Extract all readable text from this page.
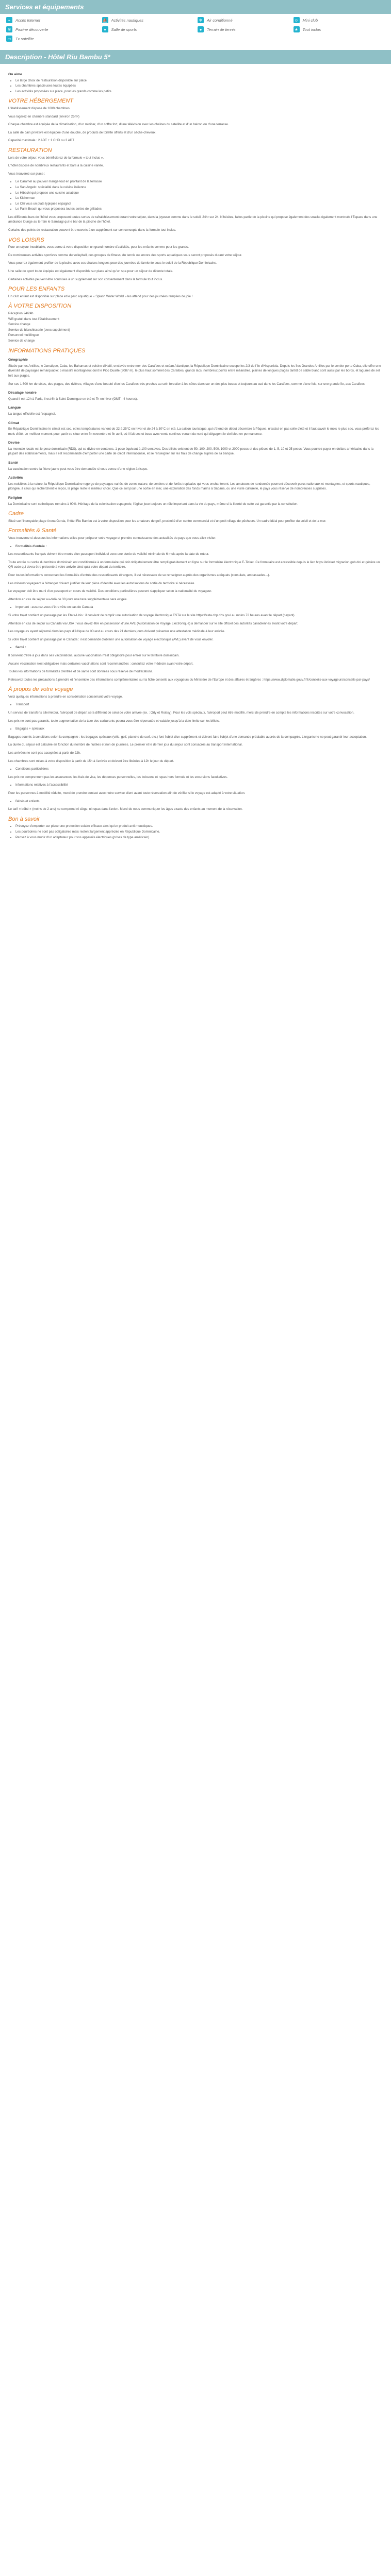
Services et équipements
⌁	Accès Internet	⛵ Activités nautiques	❄	Air conditionné	☺ Mini club
≋	Piscine découverte	♦	Salle de sports	●	Terrain de tennis	★	Tout inclus
▭ Tv satellite
Description - Hôtel Riu Bambu 5*
On aime
• Le large choix de restauration disponible sur place
• Les chambres spacieuses toutes équipées
• Les activités proposées sur place, pour les grands comme les petits
VOTRE HÉBERGEMENT

L'établissement dispose de 1000 chambres.

Vous logerez en chambre standard (environ 25m²)

Chaque chambre est équipée de la climatisation, d'un minibar, d'un coffre fort, d'une télévision avec les chaînes du satellite et d'un balcon ou d'une terrasse.

La salle de bain privative est équipée d'une douche, de produits de toilette offerts et d'un sèche-cheveux.

Capacité maximale : 2 ADT + 1 CHD ou 3 ADT

RESTAURATION

Lors de votre séjour, vous bénéficierez de la formule « tout inclus ».

L'hôtel dispose de nombreux restaurants et bars à la cuisine variée.

Vous trouverez sur place :

• Le Caramel au pouvoir mange-tout en profitant de la terrasse
• Le San Angelo: spécialité dans la cuisine italienne
• Le Hibachi qui propose une cuisine asiatique
• Le Kishorman
• Le Chi vous un plats typiques espagnol
• Le Palm Beach qui vous proposera toutes sortes de grillades

Les différents bars de l'hôtel vous proposent toutes sortes de rafraichissement durant votre séjour, dans la joyeuse comme dans le soleil, 24hr sur 24. N'hésitez, faites partie de la piscine qui propose également des snacks également montrués l'Espace dans une ambiance lounge au terrain le Samzagi qui le bar de la piscine de l'hôtel.

Certains des points de restauration peuvent être ouverts à un supplément sur son concepts dans la formule tout inclus.

VOS LOISIRS

Pour un séjour inoubliable, vous aurez à votre disposition un grand nombre d'activités, pour les enfants comme pour les grands.

De nombreuses activités sportives comme du volleyball, des groupes de fitness, du tennis ou encore des sports aquatiques vous seront proposés durant votre séjour.

Vous pourrez également profiter de la piscine avec ses chaises longues pour des journées de farniente sous le soleil de la République Dominicaine.

Une salle de sport toute équipée est également disponible sur place ainsi qu'un spa pour un séjour de détente totale.

Certaines activités peuvent être soumises à un supplément sur son consentement dans la formule tout inclus.

POUR LES ENFANTS

Un club enfant est disponible sur place et le parc aquatique « Splash Water World » les attend pour des journées remplies de joie !

À VOTRE DISPOSITION
Réception 24/24h
Wifi gratuit dans tout l'établissement
Service change
Service de blanchisserie (avec supplément)
Personnel multilingue
Service de change
INFORMATIONS PRATIQUES
Géographie

Située par les Antilles, le Jamaïque, Cuba, les Bahamas et voisine d'Haïti, enclavée entre mer des Caraïbes et océan Atlantique, la République Dominicaine occupe les 2/3 de l'île d'Hispaniola. Depuis les îles Grandes Antilles par le sentier porte Cuba, elle offre une diversité de paysages remarquable: 5 massifs montagneux dont le Pico Duarte (3087 m), le plus haut sommet des Caraïbes, grands lacs, nombreux points entre méandres, plaines de longues plages tantôt de sable blanc sont aussi par les bords, et lagunes de sel fort aux plages.

Sur ses 1 600 km de côtes, des plages, des rivières, villages d'une beauté d'un les Caraïbes très proches au sein forestier à les côtes dans sur un des plus beaux et toujours au sud dans les Caraïbes, comme d'une fois, sur une grande île, aux Caraïbes.

Décalage horaire

Quand il est 12h à Paris, il est 6h à Saint-Domingue en été et 7h en hiver (GMT - 4 heures).

Langue

La langue officielle est l'espagnol.

Climat

En République Dominicaine le climat est sec, et les températures varient de 22 à 25°C en hiver et de 24 à 30°C en été. La saison touristique, qui s'étend de début décembre à Pâques, n'exclut en pas celle d'été et il faut savoir le mois le plus sec, vous préférez les mois d'été. Le meilleur moment pour partir se situe entre fin novembre et fin avril, où il fait sec et beau avec vents continus venant du nord qui dégagent le ciel bleu en permanence.

Devise

La monnaie locale est le peso dominicain (RD$), qui se divise en centavos. 1 peso équivaut à 100 centavos. Des billets existent de 50, 100, 200, 500, 1000 et 2000 pesos et des pièces de 1, 5, 10 et 25 pesos. Vous pourrez payer en dollars américains dans la plupart des établissements, mais il est recommandé d'emporter une carte de crédit internationale, et se renseigner sur les frais de change auprès de sa banque.

Santé

La vaccination contre la fièvre jaune peut vous être demandée si vous venez d'une région à risque.

Activités

Les nuisibles à la nature, la République Dominicaine regorge de paysages variés, de zones nature, de sentiers et de forêts tropicales qui vous enchanteront. Les amateurs de randonnée pourront découvrir parcs nationaux et montagnes, et sports nautiques, plongée, à ceux qui recherchent le repos, la plage reste le meilleur choix. Que ce soit pour une sortie en mer, une exploration des fonds marins à Sabana, ou une visite culturelle, le pays vous réserve de nombreuses surprises.

Religion

La Dominicaine sont catholiques romains à 90%. Héritage de la colonisation espagnole, l'église joue toujours un rôle important dans la vie du pays, même si la liberté de culte est garantie par la constitution.

Cadre

Situé sur l'incroyable plage Arena Gorda, l'hôtel Riu Bambu est à votre disposition pour les amateurs de golf, proximité d'un centre commercial et d'un petit village de pêcheurs. Un cadre idéal pour profiter du soleil et de la mer.

Formalités & Santé

Vous trouverez ci-dessous les informations utiles pour préparer votre voyage et prendre connaissance des actualités du pays que vous allez visiter.

• Formalités d'entrée :

Les ressortissants français doivent être munis d'un passeport individuel avec une durée de validité minimale de 6 mois après la date de retour.

Toute entrée ou sortie du territoire dominicain est conditionnée à un formulaire qui doit obligatoirement être rempli gratuitement en ligne sur le formulaire électronique E-Ticket. Ce formulaire est accessible depuis le lien https://eticket.migracion.gob.do/ et génère un QR code qui devra être présenté à votre arrivée ainsi qu'à votre départ du territoire.

Pour toutes informations concernant les formalités d'entrée des ressortissants étrangers, il est nécessaire de se renseigner auprès des organismes adéquats (consulats, ambassades...).

Les mineurs voyageant à l'étranger doivent justifier de leur pièce d'identité avec les autorisations de sortie du territoire si nécessaire.

Le voyageur doit être muni d'un passeport en cours de validité. Des conditions particulières peuvent s'appliquer selon la nationalité du voyageur.

Attention en cas de séjour au-delà de 30 jours une taxe supplémentaire sera exigée.

• Important : assurez-vous d'être vêtu en cas de Canada

Si votre trajet contient un passage par les Etats-Unis : il convient de remplir une autorisation de voyage électronique ESTA sur le site https://esta.cbp.dhs.gov/ au moins 72 heures avant le départ (payant).

Attention en cas de séjour au Canada via USA : vous devez être en possession d'une AVE (Autorisation de Voyage Electronique) à demander sur le site officiel des autorités canadiennes avant votre départ.

Les voyageurs ayant séjourné dans les pays d'Afrique de l'Ouest au cours des 21 derniers jours doivent présenter une attestation médicale à leur arrivée.

Si votre trajet contient un passage par le Canada : il est demandé d'obtenir une autorisation de voyage électronique (AVE) avant de vous envoler.

• Santé :

Il convient d'être à jour dans ses vaccinations, aucune vaccination n'est obligatoire pour entrer sur le territoire dominicain.

Aucune vaccination n'est obligatoire mais certaines vaccinations sont recommandées : consultez votre médecin avant votre départ.

Toutes les informations de formalités d'entrée et de santé sont données sous réserve de modifications.

Retrouvez toutes les précautions à prendre et l'ensemble des informations complémentaires sur la fiche conseils aux voyageurs du Ministère de l'Europe et des affaires étrangères : https://www.diplomatie.gouv.fr/fr/conseils-aux-voyageurs/conseils-par-pays/

À propos de votre voyage

Voici quelques informations à prendre en considération concernant votre voyage.

• Transport

Un service de transferts aller/retour, l'aéroport de départ sera différent de celui de votre arrivée (ex. : Orly et Roissy). Pour les vols spéciaux, l'aéroport peut être modifié, merci de prendre en compte les informations inscrites sur votre convocation.

Les prix ne sont pas garantis, toute augmentation de la taxe des carburants pourra vous être répercutée et valable jusqu'à la date limite sur les billets.

• Bagages + spéciaux

Bagages soumis à conditions selon la compagnie : les bagages spéciaux (vélo, golf, planche de surf, etc.) font l'objet d'un supplément et doivent faire l'objet d'une demande préalable auprès de la compagnie. L'organisme ne peut garantir leur acceptation.

La durée du séjour est calculée en fonction du nombre de nuitées et non de journées. Le premier et le dernier jour du séjour sont consacrés au transport international.

Les arrivées ne sont pas acceptées à partir de 22h.

Les chambres sont mises à votre disposition à partir de 15h à l'arrivée et doivent être libérées à 12h le jour du départ.

• Conditions particulières

Les prix ne comprennent pas les assurances, les frais de visa, les dépenses personnelles, les boissons et repas hors formule et les excursions facultatives.

• Informations relatives à l'accessibilité

Pour les personnes à mobilité réduite, merci de prendre contact avec notre service client avant toute réservation afin de vérifier si le voyage est adapté à votre situation.

• Bébés et enfants

Le tarif « bébé » (moins de 2 ans) ne comprend ni siège, ni repas dans l'avion. Merci de nous communiquer les âges exacts des enfants au moment de la réservation.

Bon à savoir
• Prévoyez d'emporter sur place une protection solaire efficace ainsi qu'un produit anti-moustiques.
• Les pourboires ne sont pas obligatoires mais restent largement appréciés en République Dominicaine.
• Pensez à vous munir d'un adaptateur pour vos appareils électriques (prises de type américain).
